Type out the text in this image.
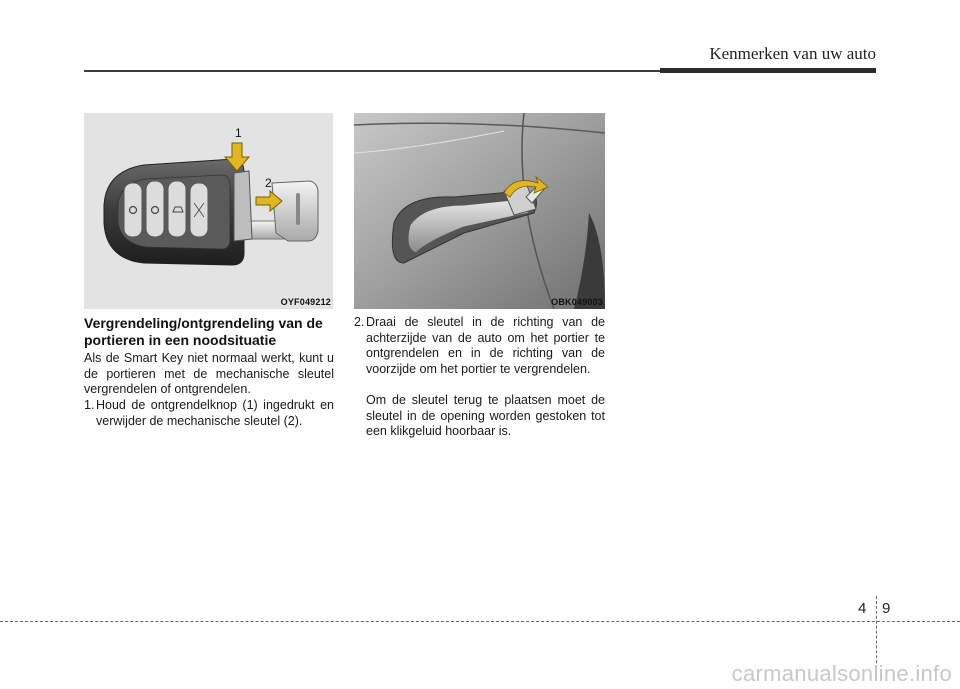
Kenmerken van uw auto
1
2
OYF049212	OBK049003
Vergrendeling/ontgrendeling van de portieren in een noodsituatie
Als de Smart Key niet normaal werkt, kunt u de portieren met de mechanische sleutel vergrendelen of ontgrendelen.
1. Houd de ontgrendelknop (1) ingedrukt en verwijder de mechanische sleutel (2).
2. Draai de sleutel in de richting van de achterzijde van de auto om het portier te ontgrendelen en in de richting van de voorzijde om het portier te vergrendelen.
Om de sleutel terug te plaatsen moet de sleutel in de opening worden gestoken tot een klikgeluid hoorbaar is.
4 9
carmanualsonline.info
